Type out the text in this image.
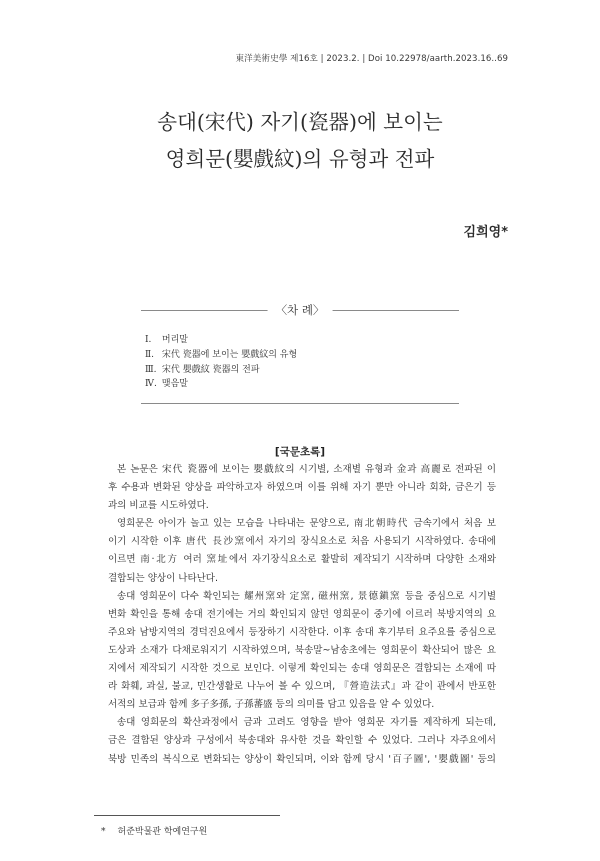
東洋美術史學 제16호 | 2023.2. | Doi 10.22978/aarth.2023.16..69
송대(宋代) 자기(瓷器)에 보이는
영희문(嬰戲紋)의 유형과 전파
김희영*
〈차 례〉
Ⅰ. 머리말
Ⅱ. 宋代 瓷器에 보이는 嬰戲紋의 유형
Ⅲ. 宋代 嬰戲紋 瓷器의 전파
Ⅳ. 맺음말
[국문초록]
본 논문은 宋代 瓷器에 보이는 嬰戲紋의 시기별, 소재별 유형과 金과 高麗로 전파된 이
후 수용과 변화된 양상을 파악하고자 하였으며 이를 위해 자기 뿐만 아니라 회화, 금은기 등
과의 비교를 시도하였다.
영희문은 아이가 놀고 있는 모습을 나타내는 문양으로, 南北朝時代 금속기에서 처음 보
이기 시작한 이후 唐代 長沙窯에서 자기의 장식요소로 처음 사용되기 시작하였다. 송대에
이르면 南·北方 여러 窯址에서 자기장식요소로 활발히 제작되기 시작하며 다양한 소재와
결합되는 양상이 나타난다.
송대 영희문이 다수 확인되는 耀州窯와 定窯, 磁州窯, 景德鎭窯 등을 중심으로 시기별
변화 확인을 통해 송대 전기에는 거의 확인되지 않던 영희문이 중기에 이르러 북방지역의 요
주요와 남방지역의 경덕진요에서 등장하기 시작한다. 이후 송대 후기부터 요주요를 중심으로
도상과 소재가 다채로워지기 시작하였으며, 북송말~남송초에는 영희문이 확산되어 많은 요
지에서 제작되기 시작한 것으로 보인다. 이렇게 확인되는 송대 영희문은 결합되는 소재에 따
라 화훼, 과실, 불교, 민간생활로 나누어 볼 수 있으며, 『營造法式』과 같이 관에서 반포한
서적의 보급과 함께 多子多孫, 子孫蕃盛 등의 의미를 담고 있음을 알 수 있었다.
송대 영희문의 확산과정에서 금과 고려도 영향을 받아 영희문 자기를 제작하게 되는데,
금은 결합된 양상과 구성에서 북송대와 유사한 것을 확인할 수 있었다. 그러나 자주요에서
북방 민족의 복식으로 변화되는 양상이 확인되며, 이와 함께 당시 '百子圖', '嬰戲圖' 등의
* 허준박물관 학예연구원
